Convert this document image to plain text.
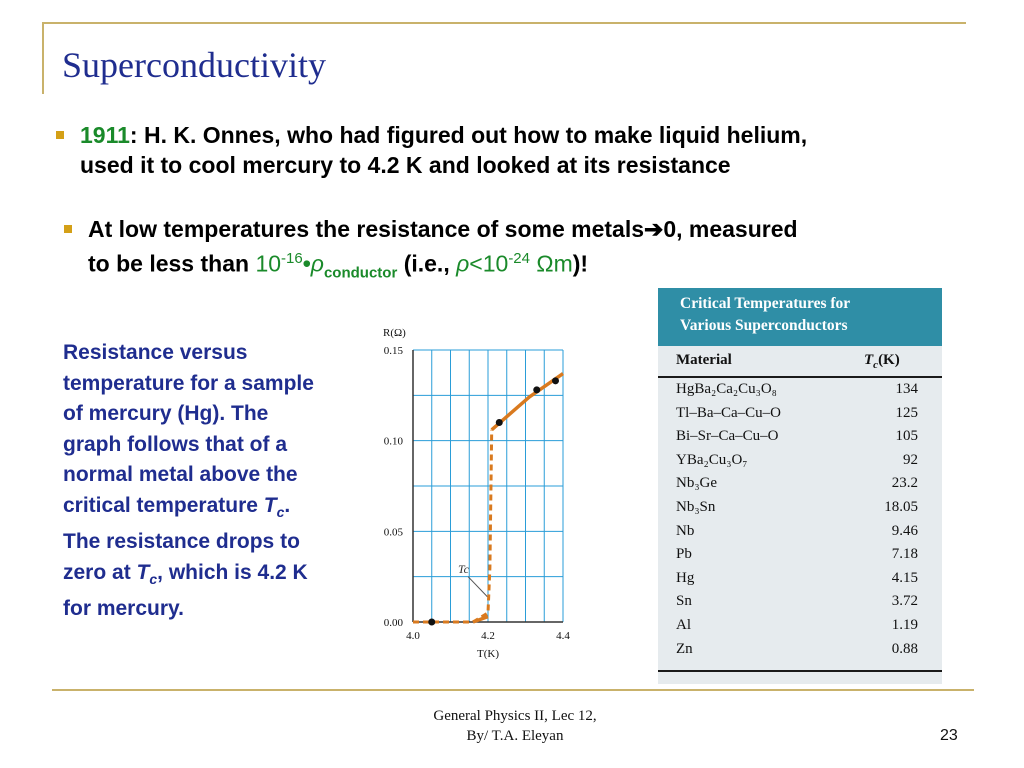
Superconductivity
1911: H. K. Onnes, who had figured out how to make liquid helium,
used it to cool mercury to 4.2 K and looked at its resistance
At low temperatures the resistance of some metals➔0, measured
to be less than $10^{-16}•\rho_{conductor}$ (i.e., $\rho<10^{-24}$ Ωm)!
Resistance versus temperature for a sample of mercury (Hg). The graph follows that of a normal metal above the critical temperature $T_c$. The resistance drops to zero at $T_c$, which is 4.2 K for mercury.
4.0	4.2	4.4
0.00
0.05
0.10
0.15
R(Ω)
T(K)
Tc
Critical Temperatures for
Various Superconductors
Material	$T_c(K)$
HgBa₂Ca₂Cu₃O₈	134
Tl–Ba–Ca–Cu–O	125
Bi–Sr–Ca–Cu–O	105
YBa₂Cu₃O₇	92
Nb₃Ge	23.2
Nb₃Sn	18.05
Nb	9.46
Pb	7.18
Hg	4.15
Sn	3.72
Al	1.19
Zn	0.88
General Physics II, Lec 12,
By/ T.A. Eleyan	23
